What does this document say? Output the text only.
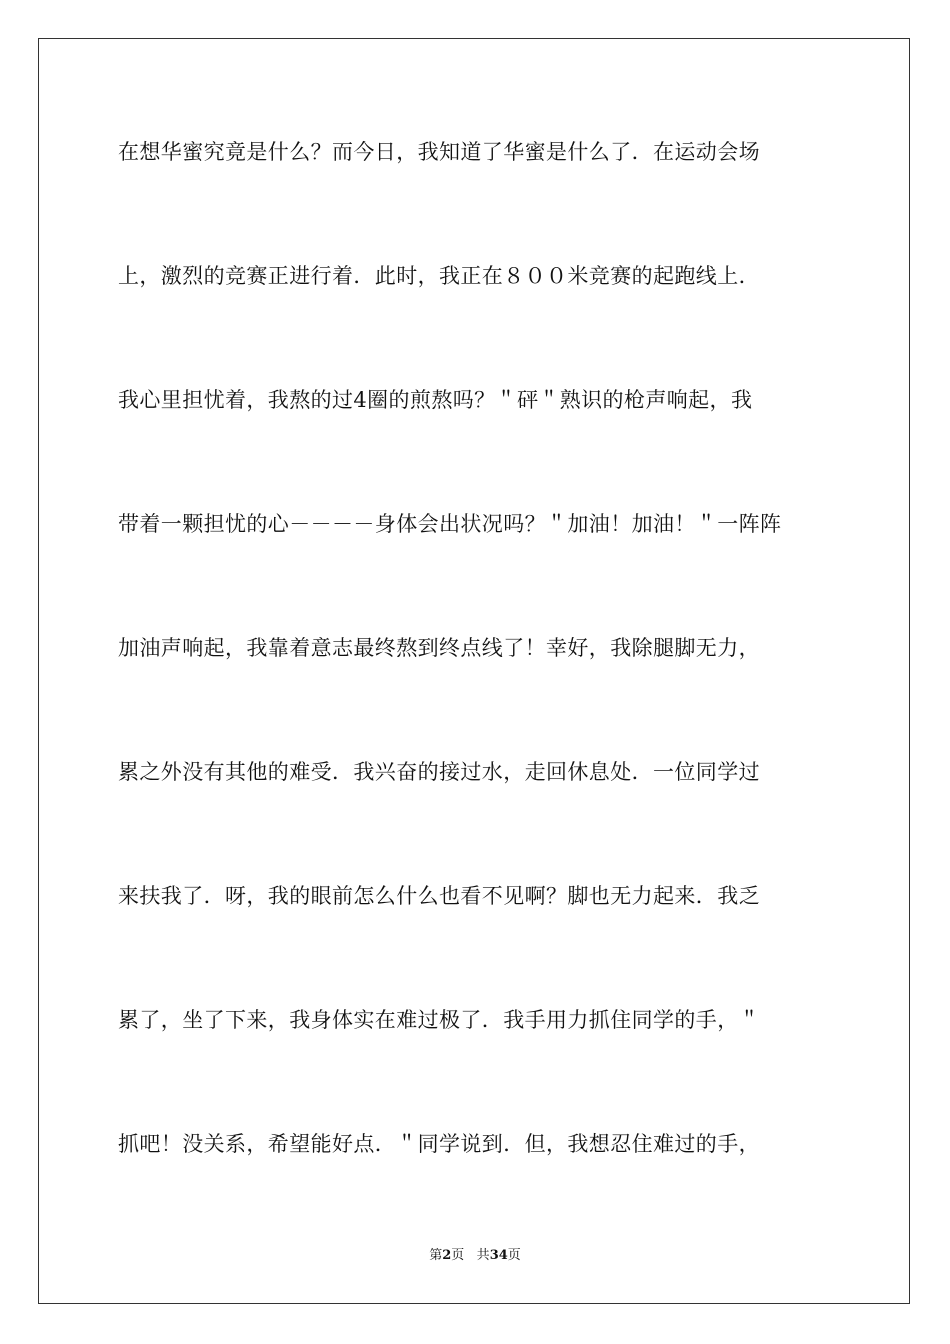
在想华蜜究竟是什么？而今日，我知道了华蜜是什么了．在运动会场
上，激烈的竞赛正进行着．此时，我正在８００米竞赛的起跑线上．
我心里担忧着，我熬的过4圈的煎熬吗？＂砰＂熟识的枪声响起，我
带着一颗担忧的心－－－－身体会出状况吗？＂加油！加油！＂一阵阵
加油声响起，我靠着意志最终熬到终点线了！幸好，我除腿脚无力，
累之外没有其他的难受．我兴奋的接过水，走回休息处．一位同学过
来扶我了．呀，我的眼前怎么什么也看不见啊？脚也无力起来．我乏
累了，坐了下来，我身体实在难过极了．我手用力抓住同学的手，＂
抓吧！没关系，希望能好点．＂同学说到．但，我想忍住难过的手，
第2页 共34页
